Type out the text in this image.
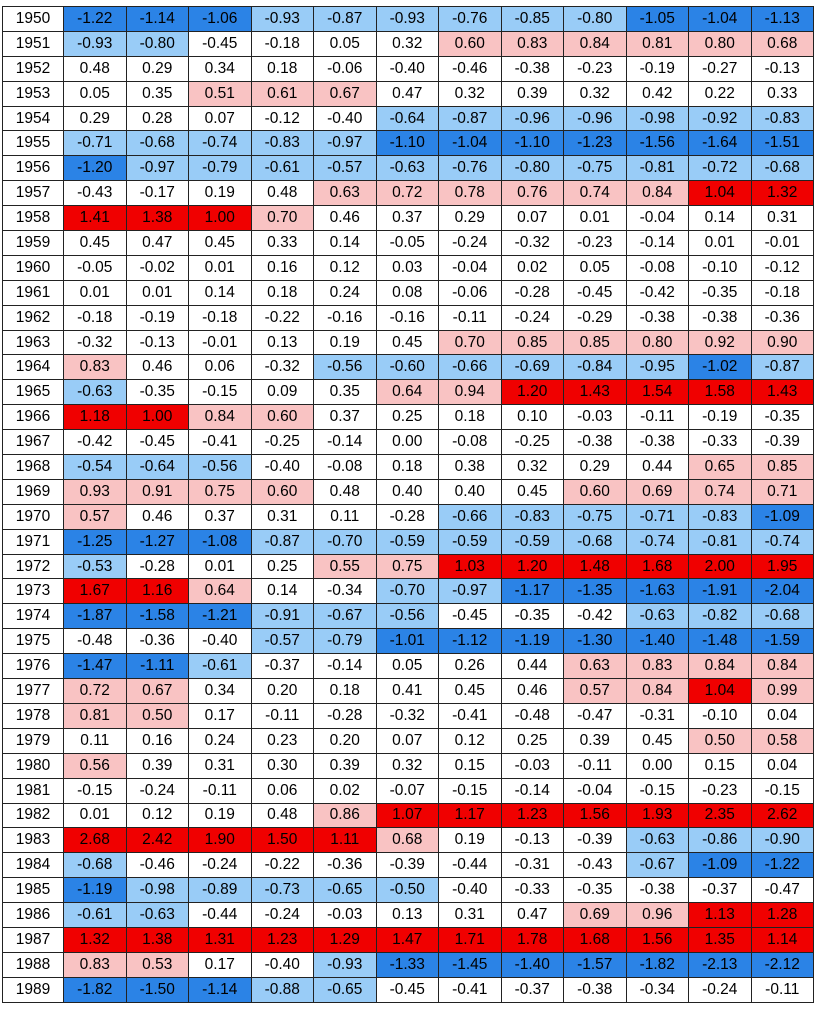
1950	-1.22	-1.14	-1.06	-0.93	-0.87	-0.93	-0.76	-0.85	-0.80	-1.05	-1.04	-1.13
1951	-0.93	-0.80	-0.45	-0.18	0.05	0.32	0.60	0.83	0.84	0.81	0.80	0.68
1952	0.48	0.29	0.34	0.18	-0.06	-0.40	-0.46	-0.38	-0.23	-0.19	-0.27	-0.13
1953	0.05	0.35	0.51	0.61	0.67	0.47	0.32	0.39	0.32	0.42	0.22	0.33
1954	0.29	0.28	0.07	-0.12	-0.40	-0.64	-0.87	-0.96	-0.96	-0.98	-0.92	-0.83
1955	-0.71	-0.68	-0.74	-0.83	-0.97	-1.10	-1.04	-1.10	-1.23	-1.56	-1.64	-1.51
1956	-1.20	-0.97	-0.79	-0.61	-0.57	-0.63	-0.76	-0.80	-0.75	-0.81	-0.72	-0.68
1957	-0.43	-0.17	0.19	0.48	0.63	0.72	0.78	0.76	0.74	0.84	1.04	1.32
1958	1.41	1.38	1.00	0.70	0.46	0.37	0.29	0.07	0.01	-0.04	0.14	0.31
1959	0.45	0.47	0.45	0.33	0.14	-0.05	-0.24	-0.32	-0.23	-0.14	0.01	-0.01
1960	-0.05	-0.02	0.01	0.16	0.12	0.03	-0.04	0.02	0.05	-0.08	-0.10	-0.12
1961	0.01	0.01	0.14	0.18	0.24	0.08	-0.06	-0.28	-0.45	-0.42	-0.35	-0.18
1962	-0.18	-0.19	-0.18	-0.22	-0.16	-0.16	-0.11	-0.24	-0.29	-0.38	-0.38	-0.36
1963	-0.32	-0.13	-0.01	0.13	0.19	0.45	0.70	0.85	0.85	0.80	0.92	0.90
1964	0.83	0.46	0.06	-0.32	-0.56	-0.60	-0.66	-0.69	-0.84	-0.95	-1.02	-0.87
1965	-0.63	-0.35	-0.15	0.09	0.35	0.64	0.94	1.20	1.43	1.54	1.58	1.43
1966	1.18	1.00	0.84	0.60	0.37	0.25	0.18	0.10	-0.03	-0.11	-0.19	-0.35
1967	-0.42	-0.45	-0.41	-0.25	-0.14	0.00	-0.08	-0.25	-0.38	-0.38	-0.33	-0.39
1968	-0.54	-0.64	-0.56	-0.40	-0.08	0.18	0.38	0.32	0.29	0.44	0.65	0.85
1969	0.93	0.91	0.75	0.60	0.48	0.40	0.40	0.45	0.60	0.69	0.74	0.71
1970	0.57	0.46	0.37	0.31	0.11	-0.28	-0.66	-0.83	-0.75	-0.71	-0.83	-1.09
1971	-1.25	-1.27	-1.08	-0.87	-0.70	-0.59	-0.59	-0.59	-0.68	-0.74	-0.81	-0.74
1972	-0.53	-0.28	0.01	0.25	0.55	0.75	1.03	1.20	1.48	1.68	2.00	1.95
1973	1.67	1.16	0.64	0.14	-0.34	-0.70	-0.97	-1.17	-1.35	-1.63	-1.91	-2.04
1974	-1.87	-1.58	-1.21	-0.91	-0.67	-0.56	-0.45	-0.35	-0.42	-0.63	-0.82	-0.68
1975	-0.48	-0.36	-0.40	-0.57	-0.79	-1.01	-1.12	-1.19	-1.30	-1.40	-1.48	-1.59
1976	-1.47	-1.11	-0.61	-0.37	-0.14	0.05	0.26	0.44	0.63	0.83	0.84	0.84
1977	0.72	0.67	0.34	0.20	0.18	0.41	0.45	0.46	0.57	0.84	1.04	0.99
1978	0.81	0.50	0.17	-0.11	-0.28	-0.32	-0.41	-0.48	-0.47	-0.31	-0.10	0.04
1979	0.11	0.16	0.24	0.23	0.20	0.07	0.12	0.25	0.39	0.45	0.50	0.58
1980	0.56	0.39	0.31	0.30	0.39	0.32	0.15	-0.03	-0.11	0.00	0.15	0.04
1981	-0.15	-0.24	-0.11	0.06	0.02	-0.07	-0.15	-0.14	-0.04	-0.15	-0.23	-0.15
1982	0.01	0.12	0.19	0.48	0.86	1.07	1.17	1.23	1.56	1.93	2.35	2.62
1983	2.68	2.42	1.90	1.50	1.11	0.68	0.19	-0.13	-0.39	-0.63	-0.86	-0.90
1984	-0.68	-0.46	-0.24	-0.22	-0.36	-0.39	-0.44	-0.31	-0.43	-0.67	-1.09	-1.22
1985	-1.19	-0.98	-0.89	-0.73	-0.65	-0.50	-0.40	-0.33	-0.35	-0.38	-0.37	-0.47
1986	-0.61	-0.63	-0.44	-0.24	-0.03	0.13	0.31	0.47	0.69	0.96	1.13	1.28
1987	1.32	1.38	1.31	1.23	1.29	1.47	1.71	1.78	1.68	1.56	1.35	1.14
1988	0.83	0.53	0.17	-0.40	-0.93	-1.33	-1.45	-1.40	-1.57	-1.82	-2.13	-2.12
1989	-1.82	-1.50	-1.14	-0.88	-0.65	-0.45	-0.41	-0.37	-0.38	-0.34	-0.24	-0.11
